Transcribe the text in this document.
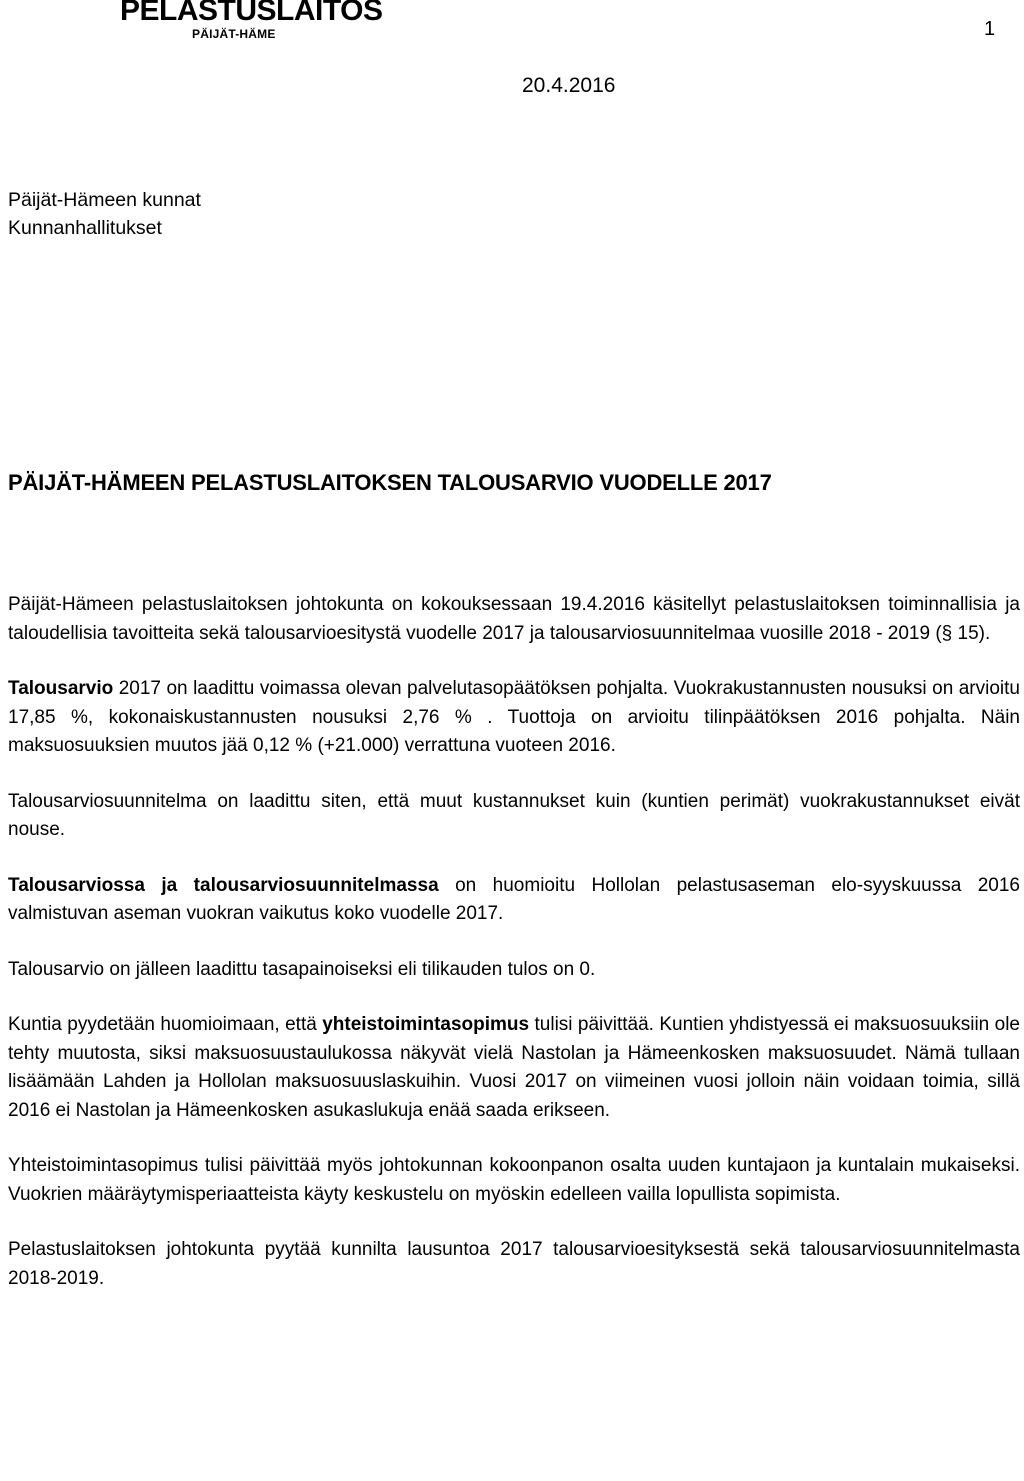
PELASTUSLAITOS
PÄIJÄT-HÄME	1
20.4.2016
Päijät-Hämeen kunnat
Kunnanhallitukset
PÄIJÄT-HÄMEEN PELASTUSLAITOKSEN TALOUSARVIO VUODELLE 2017

Päijät-Hämeen pelastuslaitoksen johtokunta on kokouksessaan 19.4.2016 käsitellyt pelastuslaitoksen toiminnallisia ja taloudellisia tavoitteita sekä talousarvioesitystä vuodelle 2017 ja talousarviosuunnitelmaa vuosille 2018 - 2019 (§ 15).

Talousarvio 2017 on laadittu voimassa olevan palvelutasopäätöksen pohjalta. Vuokrakustannusten nousuksi on arvioitu 17,85 %, kokonaiskustannusten nousuksi 2,76 % . Tuottoja on arvioitu tilinpäätöksen 2016 pohjalta. Näin maksuosuuksien muutos jää 0,12 % (+21.000) verrattuna vuoteen 2016.

Talousarviosuunnitelma on laadittu siten, että muut kustannukset kuin (kuntien perimät) vuokrakustannukset eivät nouse.

Talousarviossa ja talousarviosuunnitelmassa on huomioitu Hollolan pelastusaseman elo-syyskuussa 2016 valmistuvan aseman vuokran vaikutus koko vuodelle 2017.

Talousarvio on jälleen laadittu tasapainoiseksi eli tilikauden tulos on 0.

Kuntia pyydetään huomioimaan, että yhteistoimintasopimus tulisi päivittää. Kuntien yhdistyessä ei maksuosuuksiin ole tehty muutosta, siksi maksuosuustaulukossa näkyvät vielä Nastolan ja Hämeenkosken maksuosuudet. Nämä tullaan lisäämään Lahden ja Hollolan maksuosuuslaskuihin. Vuosi 2017 on viimeinen vuosi jolloin näin voidaan toimia, sillä 2016 ei Nastolan ja Hämeenkosken asukaslukuja enää saada erikseen.

Yhteistoimintasopimus tulisi päivittää myös johtokunnan kokoonpanon osalta uuden kuntajaon ja kuntalain mukaiseksi. Vuokrien määräytymisperiaatteista käyty keskustelu on myöskin edelleen vailla lopullista sopimista.

Pelastuslaitoksen johtokunta pyytää kunnilta lausuntoa 2017 talousarvioesityksestä sekä talousarviosuunnitelmasta 2018-2019.
